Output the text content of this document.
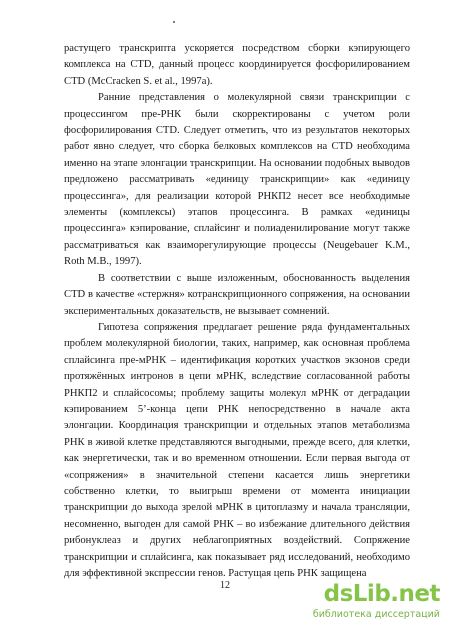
растущего транскрипта ускоряется посредством сборки кэпирующего комплекса на CTD, данный процесс координируется фосфорилированием CTD (McCracken S. et al., 1997a).

Ранние представления о молекулярной связи транскрипции с процессингом пре-РНК были скорректированы с учетом роли фосфорилирования CTD. Следует отметить, что из результатов некоторых работ явно следует, что сборка белковых комплексов на CTD необходима именно на этапе элонгации транскрипции. На основании подобных выводов предложено рассматривать «единицу транскрипции» как «единицу процессинга», для реализации которой РНКП2 несет все необходимые элементы (комплексы) этапов процессинга. В рамках «единицы процессинга» кэпирование, сплайсинг и полиаденилирование могут также рассматриваться как взаиморегулирующие процессы (Neugebauer K.M., Roth M.B., 1997).

В соответствии с выше изложенным, обоснованность выделения CTD в качестве «стержня» котранскрипционного сопряжения, на основании экспериментальных доказательств, не вызывает сомнений.

Гипотеза сопряжения предлагает решение ряда фундаментальных проблем молекулярной биологии, таких, например, как основная проблема сплайсинга пре-мРНК – идентификация коротких участков экзонов среди протяжённых интронов в цепи мРНК, вследствие согласованной работы РНКП2 и сплайсосомы; проблему защиты молекул мРНК от деградации кэпированием 5’-конца цепи РНК непосредственно в начале акта элонгации. Координация транскрипции и отдельных этапов метаболизма РНК в живой клетке представляются выгодными, прежде всего, для клетки, как энергетически, так и во временном отношении. Если первая выгода от «сопряжения» в значительной степени касается лишь энергетики собственно клетки, то выигрыш времени от момента инициации транскрипции до выхода зрелой мРНК в цитоплазму и начала трансляции, несомненно, выгоден для самой РНК – во избежание длительного действия рибонуклеаз и других неблагоприятных воздействий. Сопряжение транскрипции и сплайсинга, как показывает ряд исследований, необходимо для эффективной экспрессии генов. Растущая цепь РНК защищена

12	dsLib.net
библиотека диссертаций
